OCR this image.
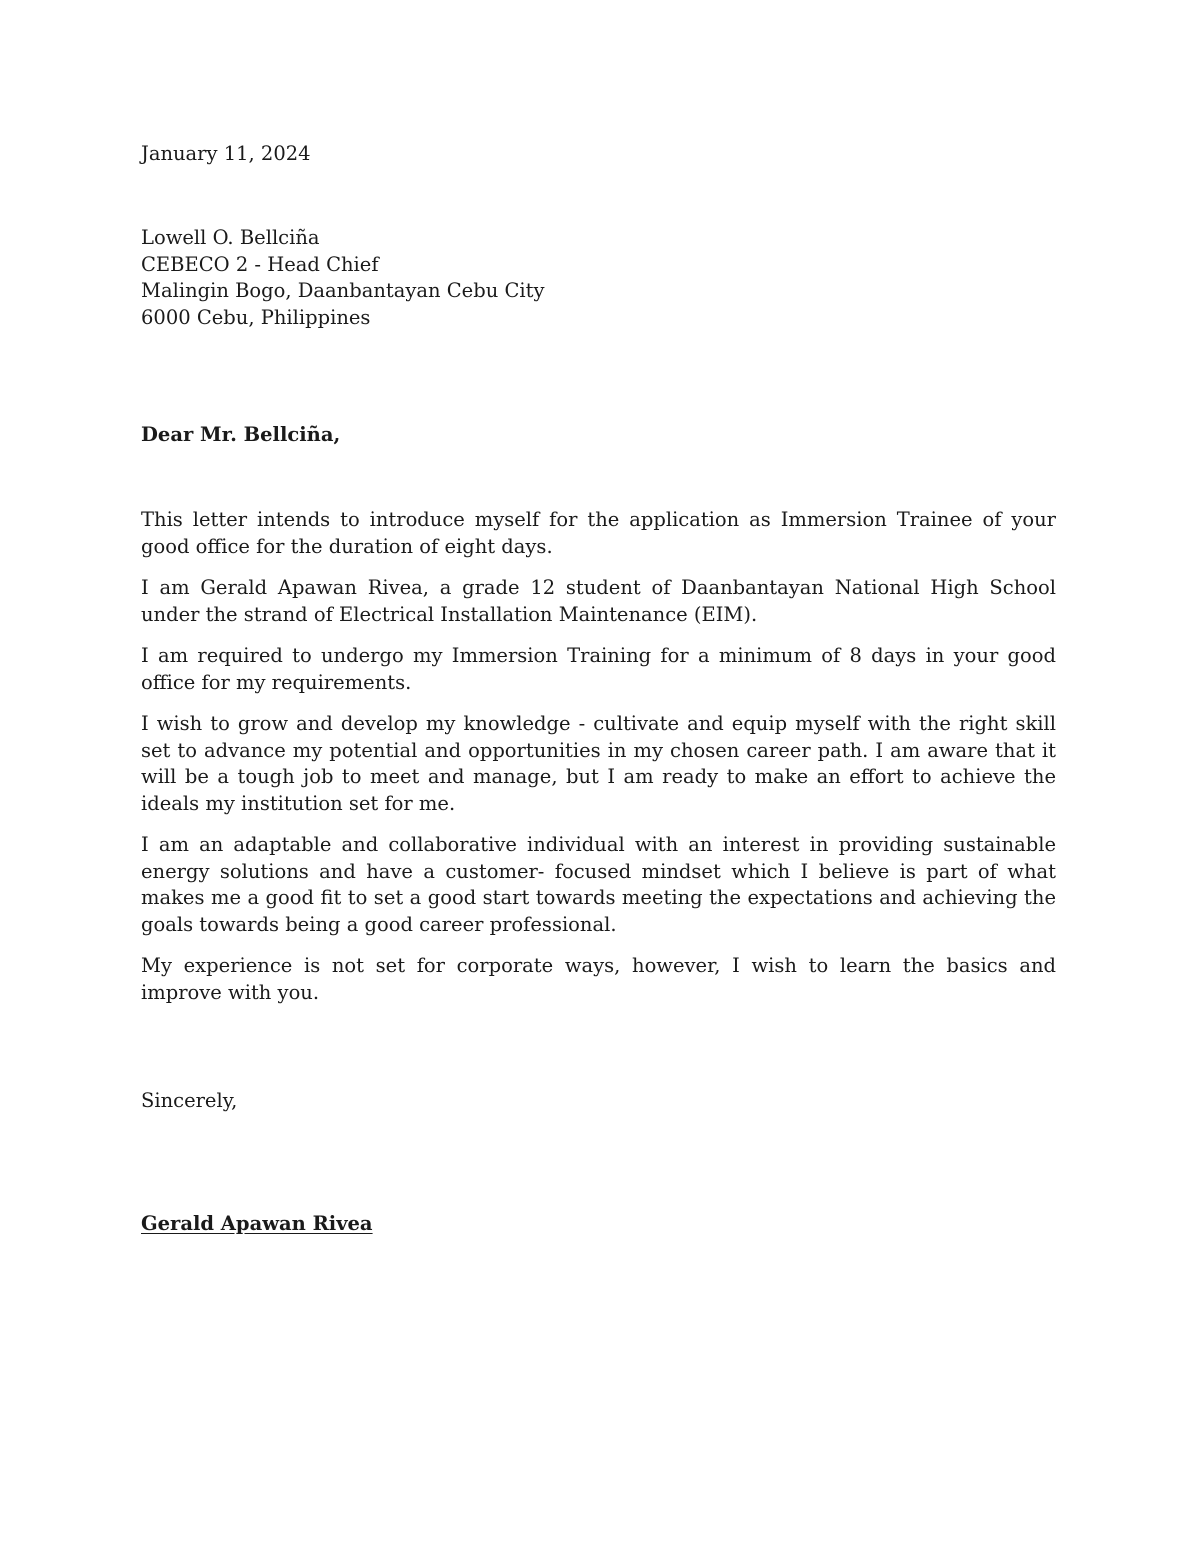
January 11, 2024
Lowell O. Bellciña
CEBECO 2 - Head Chief
Malingin Bogo, Daanbantayan Cebu City
6000 Cebu, Philippines
Dear Mr. Bellciña,

This letter intends to introduce myself for the application as Immersion Trainee of your good office for the duration of eight days.

I am Gerald Apawan Rivea, a grade 12 student of Daanbantayan National High School under the strand of Electrical Installation Maintenance (EIM).

I am required to undergo my Immersion Training for a minimum of 8 days in your good office for my requirements.

I wish to grow and develop my knowledge - cultivate and equip myself with the right skill set to advance my potential and opportunities in my chosen career path. I am aware that it will be a tough job to meet and manage, but I am ready to make an effort to achieve the ideals my institution set for me.

I am an adaptable and collaborative individual with an interest in providing sustainable energy solutions and have a customer- focused mindset which I believe is part of what makes me a good fit to set a good start towards meeting the expectations and achieving the goals towards being a good career professional.

My experience is not set for corporate ways, however, I wish to learn the basics and improve with you.

Sincerely,
Gerald Apawan Rivea
